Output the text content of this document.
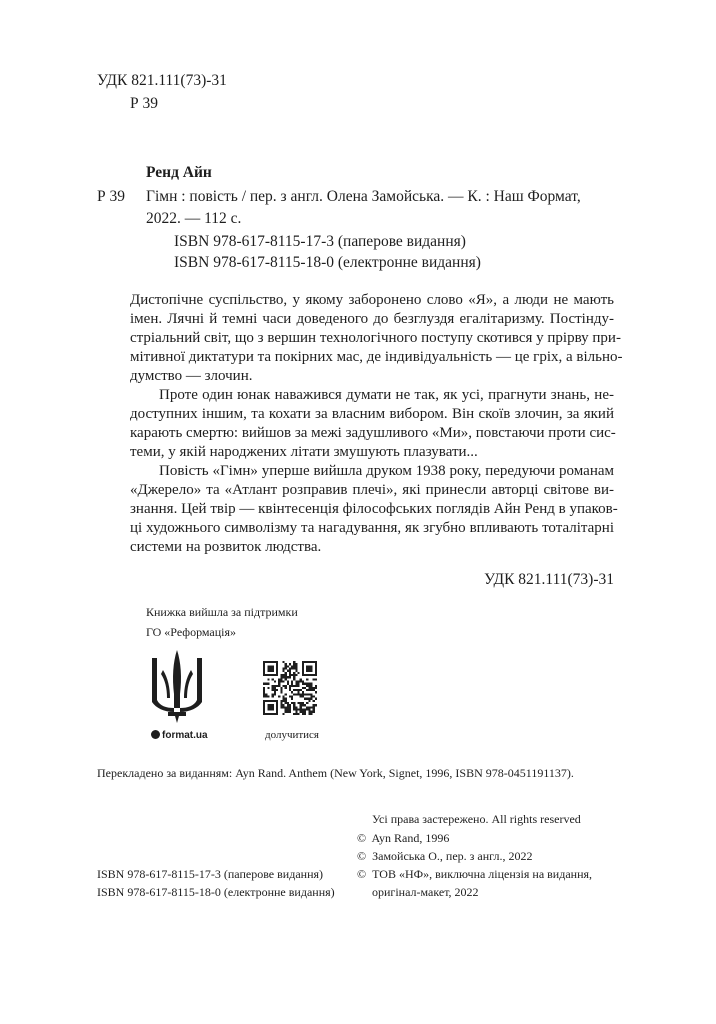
УДК 821.111(73)-31
Р 39
Ренд Айн
Р 39 Гімн : повість / пер. з англ. Олена Замойська. — К. : Наш Формат,
2022. — 112 с.
ISBN 978-617-8115-17-3 (паперове видання)
ISBN 978-617-8115-18-0 (електронне видання)
Дистопічне суспільство, у якому заборонено слово «Я», а люди не мають
імен. Лячні й темні часи доведеного до безглуздя егалітаризму. Постінду-
стріальний світ, що з вершин технологічного поступу скотився у прірву при-
мітивної диктатури та покірних мас, де індивідуальність — це гріх, а вільно-
думство — злочин.
Проте один юнак наважився думати не так, як усі, прагнути знань, не-
доступних іншим, та кохати за власним вибором. Він скоїв злочин, за який
карають смертю: вийшов за межі задушливого «Ми», повстаючи проти сис-
теми, у якій народжених літати змушують плазувати...
Повість «Гімн» уперше вийшла друком 1938 року, передуючи романам
«Джерело» та «Атлант розправив плечі», які принесли авторці світове ви-
знання. Цей твір — квінтесенція філософських поглядів Айн Ренд в упаков-
ці художнього символізму та нагадування, як згубно впливають тоталітарні
системи на розвиток людства.
УДК 821.111(73)-31
Книжка вийшла за підтримки
ГО «Реформація»
format.ua	долучитися
Перекладено за виданням: Ayn Rand. Anthem (New York, Signet, 1996, ISBN 978-0451191137).
Усі права застережено. All rights reserved
© Ayn Rand, 1996
© Замойська О., пер. з англ., 2022
© ТОВ «НФ», виключна ліцензія на видання,
оригінал-макет, 2022
ISBN 978-617-8115-17-3 (паперове видання)
ISBN 978-617-8115-18-0 (електронне видання)
